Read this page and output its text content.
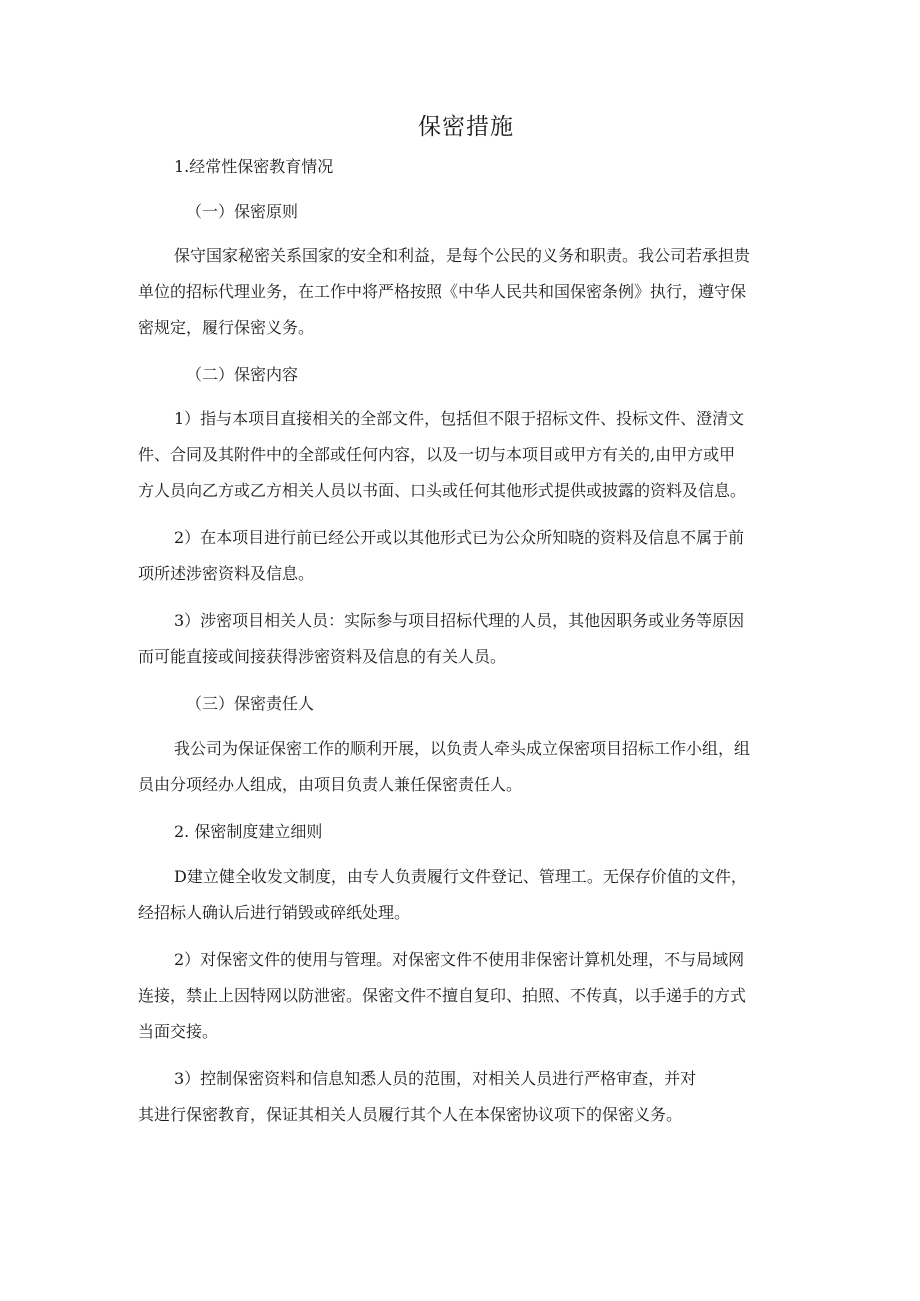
保密措施
1.经常性保密教育情况
（一）保密原则
保守国家秘密关系国家的安全和利益，是每个公民的义务和职责。我公司若承担贵
单位的招标代理业务，在工作中将严格按照《中华人民共和国保密条例》执行，遵守保
密规定，履行保密义务。
（二）保密内容
1）指与本项目直接相关的全部文件，包括但不限于招标文件、投标文件、澄清文
件、合同及其附件中的全部或任何内容，以及一切与本项目或甲方有关的,由甲方或甲
方人员向乙方或乙方相关人员以书面、口头或任何其他形式提供或披露的资料及信息。
2）在本项目进行前已经公开或以其他形式已为公众所知晓的资料及信息不属于前
项所述涉密资料及信息。
3）涉密项目相关人员：实际参与项目招标代理的人员，其他因职务或业务等原因
而可能直接或间接获得涉密资料及信息的有关人员。
（三）保密责任人
我公司为保证保密工作的顺利开展，以负责人牵头成立保密项目招标工作小组，组
员由分项经办人组成，由项目负责人兼任保密责任人。
2. 保密制度建立细则
D建立健全收发文制度，由专人负责履行文件登记、管理工。无保存价值的文件，
经招标人确认后进行销毁或碎纸处理。
2）对保密文件的使用与管理。对保密文件不使用非保密计算机处理，不与局域网
连接，禁止上因特网以防泄密。保密文件不擅自复印、拍照、不传真，以手递手的方式
当面交接。
3）控制保密资料和信息知悉人员的范围，对相关人员进行严格审查，并对
其进行保密教育，保证其相关人员履行其个人在本保密协议项下的保密义务。
